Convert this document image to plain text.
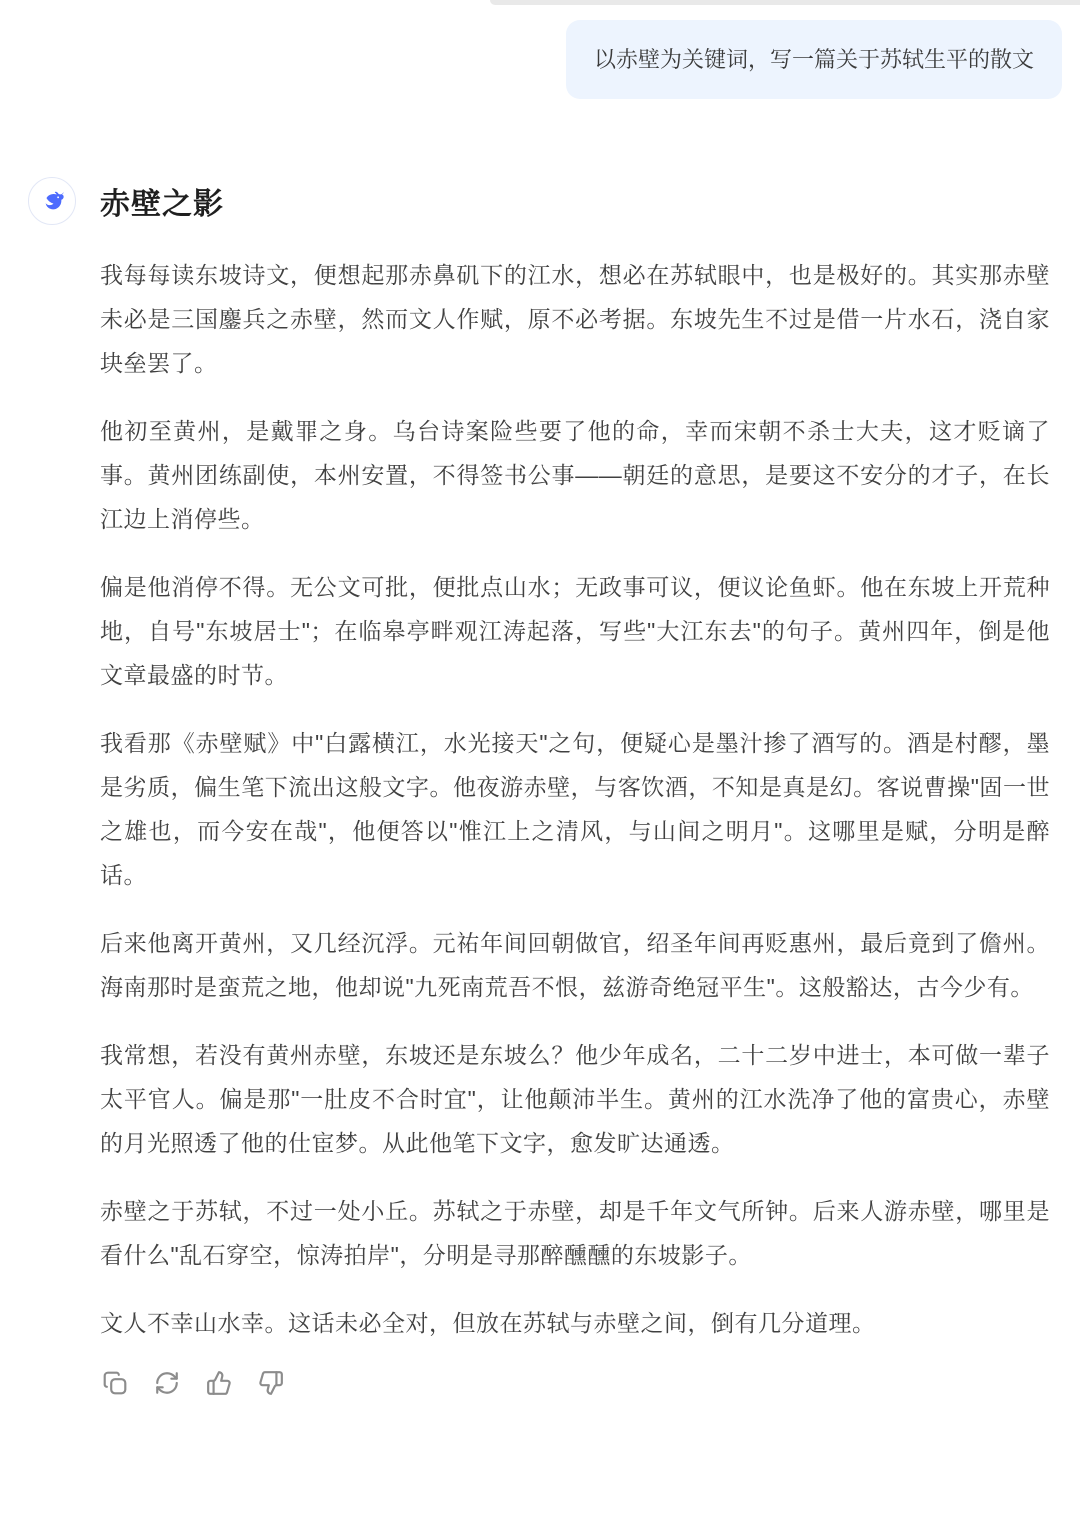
以赤壁为关键词，写一篇关于苏轼生平的散文
赤壁之影

我每每读东坡诗文，便想起那赤鼻矶下的江水，想必在苏轼眼中，也是极好的。其实那赤壁未必是三国鏖兵之赤壁，然而文人作赋，原不必考据。东坡先生不过是借一片水石，浇自家块垒罢了。

他初至黄州，是戴罪之身。乌台诗案险些要了他的命，幸而宋朝不杀士大夫，这才贬谪了事。黄州团练副使，本州安置，不得签书公事——朝廷的意思，是要这不安分的才子，在长江边上消停些。

偏是他消停不得。无公文可批，便批点山水；无政事可议，便议论鱼虾。他在东坡上开荒种地，自号"东坡居士"；在临皋亭畔观江涛起落，写些"大江东去"的句子。黄州四年，倒是他文章最盛的时节。

我看那《赤壁赋》中"白露横江，水光接天"之句，便疑心是墨汁掺了酒写的。酒是村醪，墨是劣质，偏生笔下流出这般文字。他夜游赤壁，与客饮酒，不知是真是幻。客说曹操"固一世之雄也，而今安在哉"，他便答以"惟江上之清风，与山间之明月"。这哪里是赋，分明是醉话。

后来他离开黄州，又几经沉浮。元祐年间回朝做官，绍圣年间再贬惠州，最后竟到了儋州。海南那时是蛮荒之地，他却说"九死南荒吾不恨，兹游奇绝冠平生"。这般豁达，古今少有。

我常想，若没有黄州赤壁，东坡还是东坡么？他少年成名，二十二岁中进士，本可做一辈子太平官人。偏是那"一肚皮不合时宜"，让他颠沛半生。黄州的江水洗净了他的富贵心，赤壁的月光照透了他的仕宦梦。从此他笔下文字，愈发旷达通透。

赤壁之于苏轼，不过一处小丘。苏轼之于赤壁，却是千年文气所钟。后来人游赤壁，哪里是看什么"乱石穿空，惊涛拍岸"，分明是寻那醉醺醺的东坡影子。

文人不幸山水幸。这话未必全对，但放在苏轼与赤壁之间，倒有几分道理。
